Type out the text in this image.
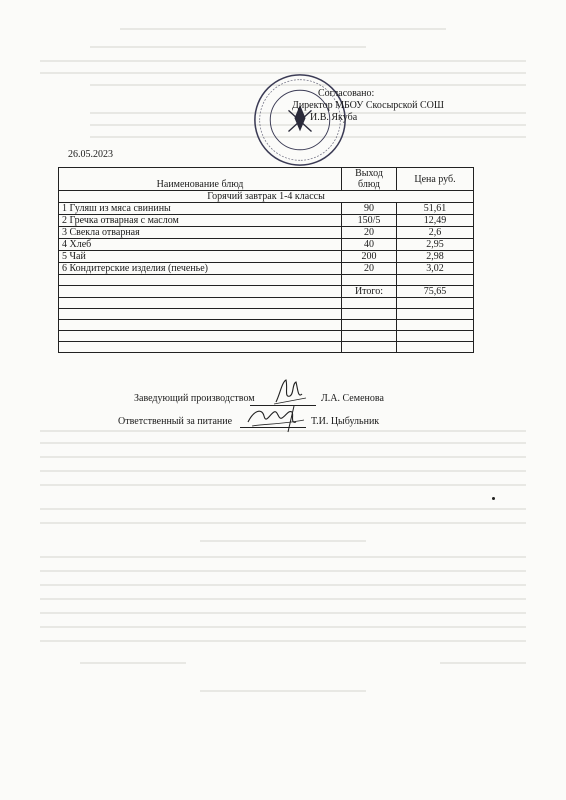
Согласовано:
Директор МБОУ Скосырской СОШ
И.В. Якуба
26.05.2023
Наименование блюд	Выход блюд	Цена руб.
Горячий завтрак 1-4 классы		
1 Гуляш из мяса свинины	90	51,61
2 Гречка отварная с маслом	150/5	12,49
3 Свекла отварная	20	2,6
4 Хлеб	40	2,95
5 Чай	200	2,98
6 Кондитерские изделия (печенье)	20	3,02

	Итого:	75,65

Заведующий производством	Л.А. Семенова
Ответственный за питание	Т.И. Цыбульник
